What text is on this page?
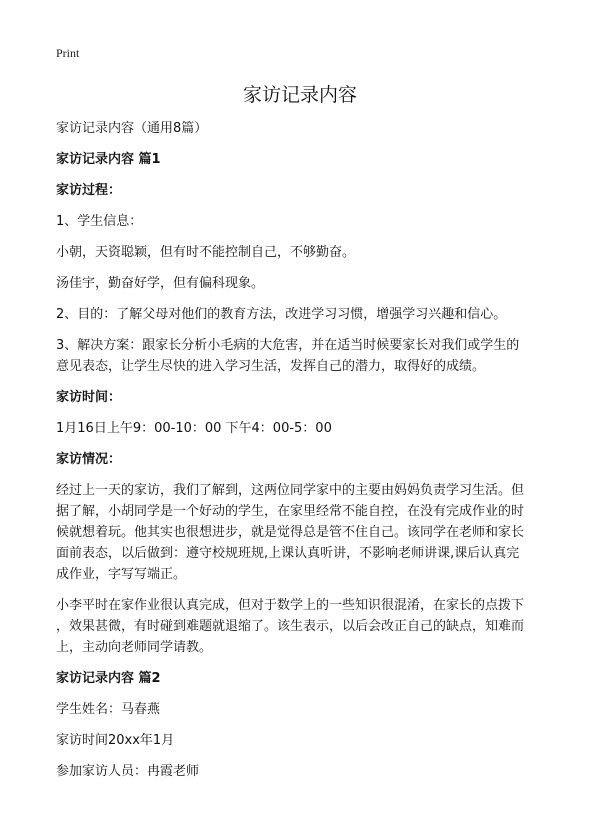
Print
家访记录内容

家访记录内容（通用8篇）

家访记录内容 篇1

家访过程：

1、学生信息：

小朝，天资聪颖，但有时不能控制自己，不够勤奋。

汤佳宇，勤奋好学，但有偏科现象。

2、目的：了解父母对他们的教育方法，改进学习习惯，增强学习兴趣和信心。

3、解决方案：跟家长分析小毛病的大危害，并在适当时候要家长对我们或学生的

意见表态，让学生尽快的进入学习生活，发挥自己的潜力，取得好的成绩。

家访时间：

1月16日上午9：00-10：00 下午4：00-5：00

家访情况：

经过上一天的家访，我们了解到，这两位同学家中的主要由妈妈负责学习生活。但

据了解，小胡同学是一个好动的学生，在家里经常不能自控，在没有完成作业的时

候就想着玩。他其实也很想进步，就是觉得总是管不住自己。该同学在老师和家长

面前表态，以后做到：遵守校规班规,上课认真听讲，不影响老师讲课,课后认真完

成作业，字写写端正。

小李平时在家作业很认真完成，但对于数学上的一些知识很混淆，在家长的点拨下

，效果甚微，有时碰到难题就退缩了。该生表示，以后会改正自己的缺点，知难而

上，主动向老师同学请教。

家访记录内容 篇2

学生姓名：马春燕

家访时间20xx年1月

参加家访人员：冉霞老师
